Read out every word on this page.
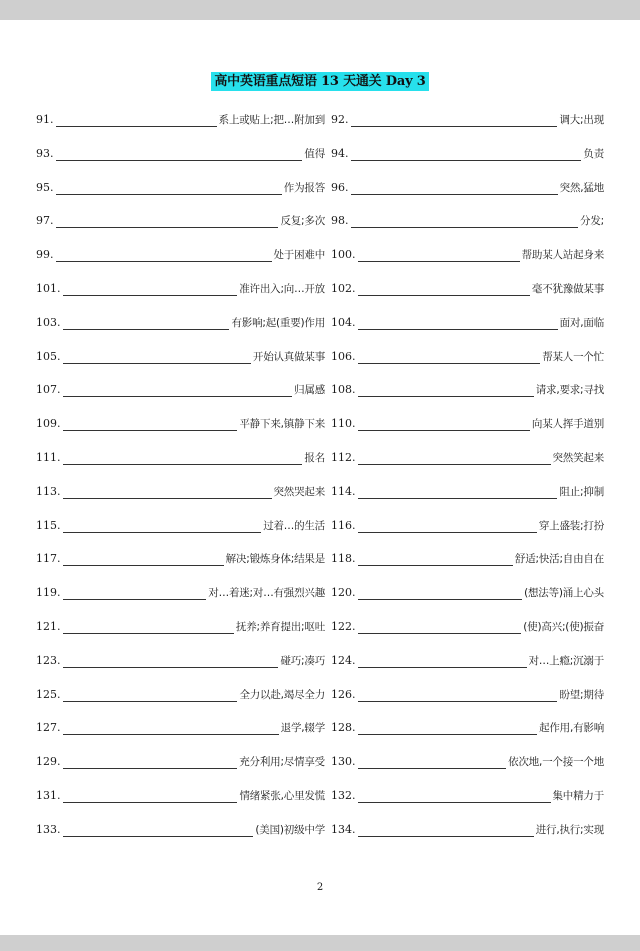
高中英语重点短语 13 天通关 Day 3
91.	系上或贴上;把…附加到 92.	调大;出现
93.	值得 94.	负责
95.	作为报答 96.	突然,猛地
97.	反复;多次 98.	分发;
99.	处于困难中 100.	帮助某人站起身来
101.	准许出入;向…开放 102.	毫不犹豫做某事
103.	有影响;起(重要)作用 104.	面对,面临
105.	开始认真做某事 106.	帮某人一个忙
107.	归属感 108.	请求,要求;寻找
109.	平静下来,镇静下来 110.	向某人挥手道别
111.	报名 112.	突然笑起来
113.	突然哭起来 114.	阻止;抑制
115.	过着…的生活 116.	穿上盛装;打扮
117.	解决;锻炼身体;结果是 118.	舒适;快活;自由自在
119.	对…着迷;对…有强烈兴趣 120.	(想法等)涌上心头
121.	抚养;养育提出;呕吐 122.	(使)高兴;(使)振奋
123.	碰巧;凑巧 124.	对…上瘾;沉溺于
125.	全力以赴,竭尽全力 126.	盼望;期待
127.	退学,辍学 128.	起作用,有影响
129.	充分利用;尽情享受 130.	依次地,一个接一个地
131.	情绪紧张,心里发慌 132.	集中精力于
133.	(美国)初级中学 134.	进行,执行;实现
2
